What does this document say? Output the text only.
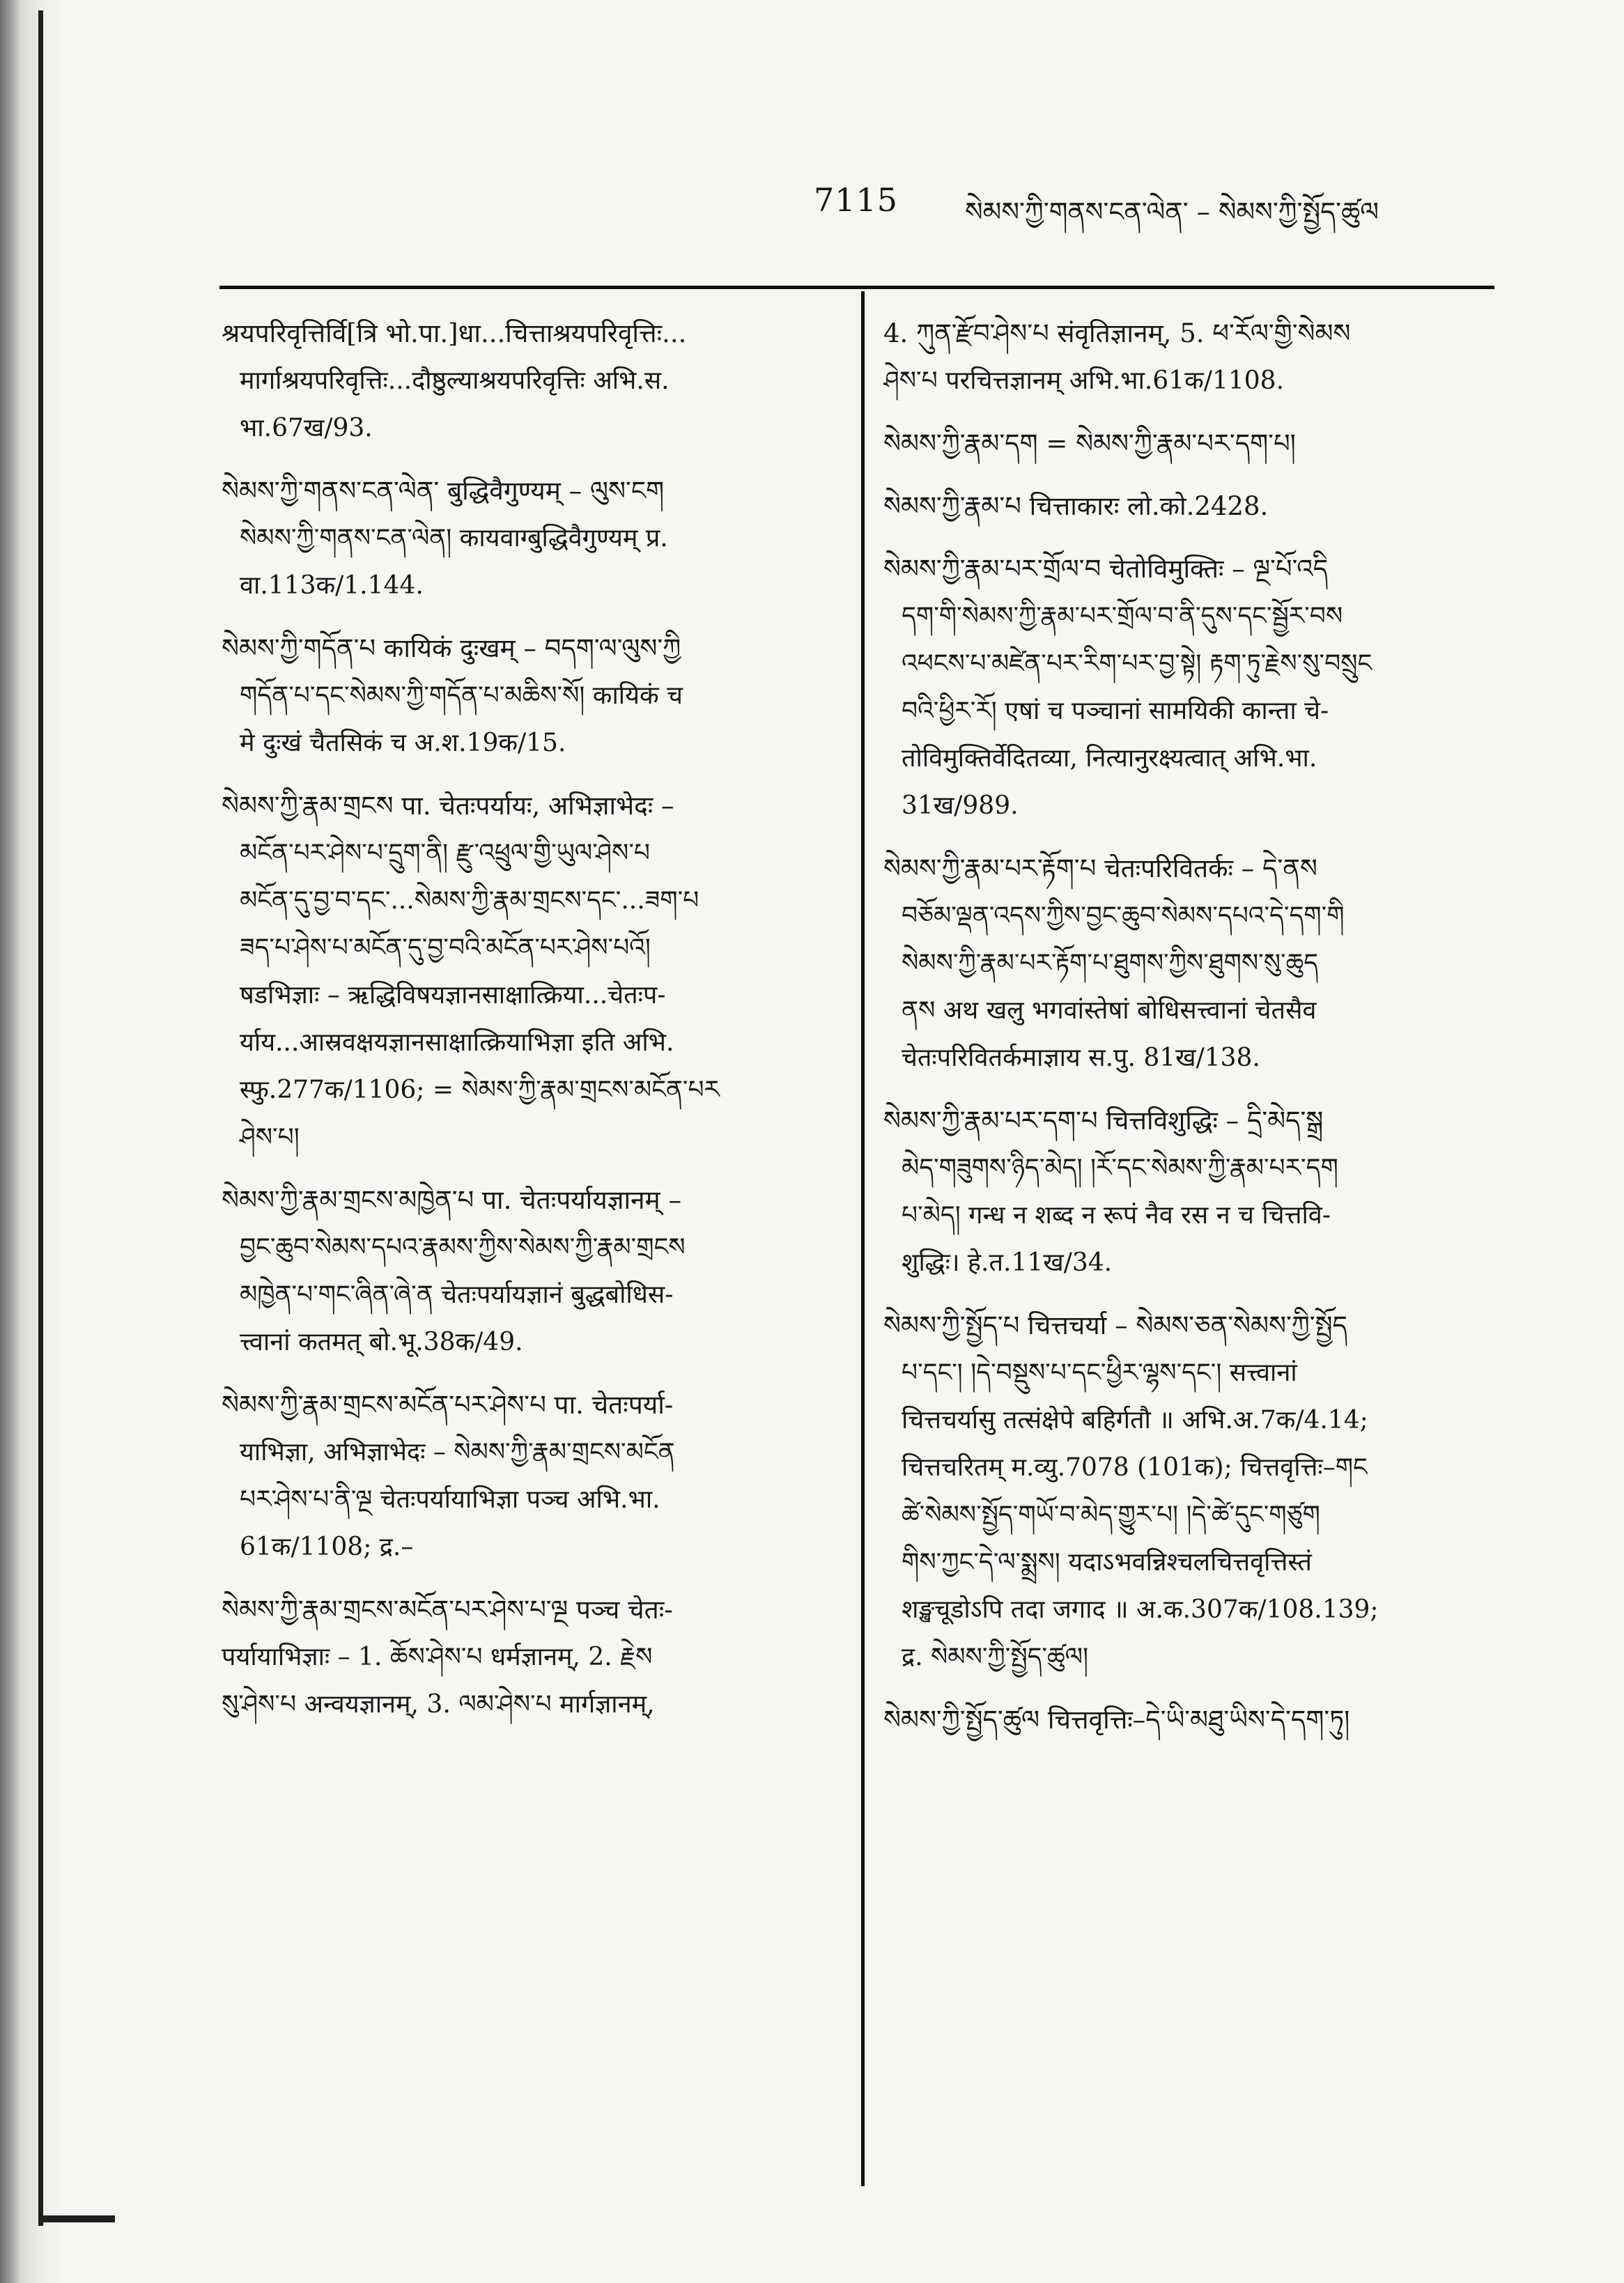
7115	སེམས་ཀྱི་གནས་ངན་ལེན་ – སེམས་ཀྱི་སྤྱོད་ཚུལ

श्रयपरिवृत्तिर्वि[त्रि भो.पा.]धा...चित्ताश्रयपरिवृत्तिः...

मार्गाश्रयपरिवृत्तिः...दौष्ठुल्याश्रयपरिवृत्तिः अभि.स.

भा.67ख/93.

སེམས་ཀྱི་གནས་ངན་ལེན་ बुद्धिवैगुण्यम् – ལུས་ངག

སེམས་ཀྱི་གནས་ངན་ལེན། कायवाग्बुद्धिवैगुण्यम् प्र.

वा.113क/1.144.

སེམས་ཀྱི་གདོན་པ कायिकं दुःखम् – བདག་ལ་ལུས་ཀྱི

གདོན་པ་དང་སེམས་ཀྱི་གདོན་པ་མཆིས་སོ། कायिकं च

मे दुःखं चैतसिकं च अ.श.19क/15.

སེམས་ཀྱི་རྣམ་གྲངས पा. चेतःपर्यायः, अभिज्ञाभेदः –

མངོན་པར་ཤེས་པ་དྲུག་ནི། རྫུ་འཕྲུལ་གྱི་ཡུལ་ཤེས་པ

མངོན་དུ་བྱ་བ་དང་...སེམས་ཀྱི་རྣམ་གྲངས་དང་...ཟག་པ

ཟད་པ་ཤེས་པ་མངོན་དུ་བྱ་བའི་མངོན་པར་ཤེས་པའོ།

षडभिज्ञाः – ऋद्धिविषयज्ञानसाक्षात्क्रिया...चेतःप-

र्याय...आस्रवक्षयज्ञानसाक्षात्क्रियाभिज्ञा इति अभि.

स्फु.277क/1106; = སེམས་ཀྱི་རྣམ་གྲངས་མངོན་པར

ཤེས་པ།

སེམས་ཀྱི་རྣམ་གྲངས་མཁྱེན་པ पा. चेतःपर्यायज्ञानम् –

བྱང་ཆུབ་སེམས་དཔའ་རྣམས་ཀྱིས་སེམས་ཀྱི་རྣམ་གྲངས

མཁྱེན་པ་གང་ཞིན་ཞེ་ན चेतःपर्यायज्ञानं बुद्धबोधिस-

त्त्वानां कतमत् बो.भू.38क/49.

སེམས་ཀྱི་རྣམ་གྲངས་མངོན་པར་ཤེས་པ पा. चेतःपर्या-

याभिज्ञा, अभिज्ञाभेदः – སེམས་ཀྱི་རྣམ་གྲངས་མངོན

པར་ཤེས་པ་ནི་ལྔ चेतःपर्यायाभिज्ञा पञ्च अभि.भा.

61क/1108; द्र.–

སེམས་ཀྱི་རྣམ་གྲངས་མངོན་པར་ཤེས་པ་ལྔ पञ्च चेतः-

पर्यायाभिज्ञाः – 1. ཆོས་ཤེས་པ धर्मज्ञानम्, 2. རྗེས

སུ་ཤེས་པ अन्वयज्ञानम्, 3. ལམ་ཤེས་པ मार्गज्ञानम्,

4. ཀུན་རྫོབ་ཤེས་པ संवृतिज्ञानम्, 5. ཕ་རོལ་གྱི་སེམས

ཤེས་པ परचित्तज्ञानम् अभि.भा.61क/1108.

སེམས་ཀྱི་རྣམ་དག = སེམས་ཀྱི་རྣམ་པར་དག་པ།

སེམས་ཀྱི་རྣམ་པ चित्ताकारः लो.को.2428.

སེམས་ཀྱི་རྣམ་པར་གྲོལ་བ चेतोविमुक्तिः – ལྔ་པོ་འདི

དག་གི་སེམས་ཀྱི་རྣམ་པར་གྲོལ་བ་ནི་དུས་དང་སྦྱོར་བས

འཕངས་པ་མཛེན་པར་རིག་པར་བྱ་སྟེ། རྟག་ཏུ་རྗེས་སུ་བསྲུང

བའི་ཕྱིར་རོ། एषां च पञ्चानां सामयिकी कान्ता चे-

तोविमुक्तिर्वेदितव्या, नित्यानुरक्ष्यत्वात् अभि.भा.

31ख/989.

སེམས་ཀྱི་རྣམ་པར་རྟོག་པ चेतःपरिवितर्कः – དེ་ནས

བཅོམ་ལྡན་འདས་ཀྱིས་བྱང་ཆུབ་སེམས་དཔའ་དེ་དག་གི

སེམས་ཀྱི་རྣམ་པར་རྟོག་པ་ཐུགས་ཀྱིས་ཐུགས་སུ་ཆུད

ནས अथ खलु भगवांस्तेषां बोधिसत्त्वानां चेतसैव

चेतःपरिवितर्कमाज्ञाय स.पु. 81ख/138.

སེམས་ཀྱི་རྣམ་པར་དག་པ चित्तविशुद्धिः – དྲི་མེད་སྒྲ

མེད་གཟུགས་ཉིད་མེད། །རོ་དང་སེམས་ཀྱི་རྣམ་པར་དག

པ་མེད། गन्ध न शब्द न रूपं नैव रस न च चित्तवि-

शुद्धिः। हे.त.11ख/34.

སེམས་ཀྱི་སྤྱོད་པ चित्तचर्या – སེམས་ཅན་སེམས་ཀྱི་སྤྱོད

པ་དང་། །དེ་བསྡུས་པ་དང་ཕྱིར་ལྷས་དང་། सत्त्वानां

चित्तचर्यासु तत्संक्षेपे बहिर्गतौ ॥ अभि.अ.7क/4.14;

चित्तचरितम् म.व्यु.7078 (101क); चित्तवृत्तिः–གང

ཚེ་སེམས་སྤྱོད་གཡོ་བ་མེད་གྱུར་པ། །དེ་ཚེ་དུང་གཙུག

གིས་ཀྱང་དེ་ལ་སྨྲས། यदाऽभवन्निश्चलचित्तवृत्तिस्तं

शङ्खचूडोऽपि तदा जगाद ॥ अ.क.307क/108.139;

द्र. སེམས་ཀྱི་སྤྱོད་ཚུལ།

སེམས་ཀྱི་སྤྱོད་ཚུལ चित्तवृत्तिः–དེ་ཡི་མཐུ་ཡིས་དེ་དག་ཏུ།
